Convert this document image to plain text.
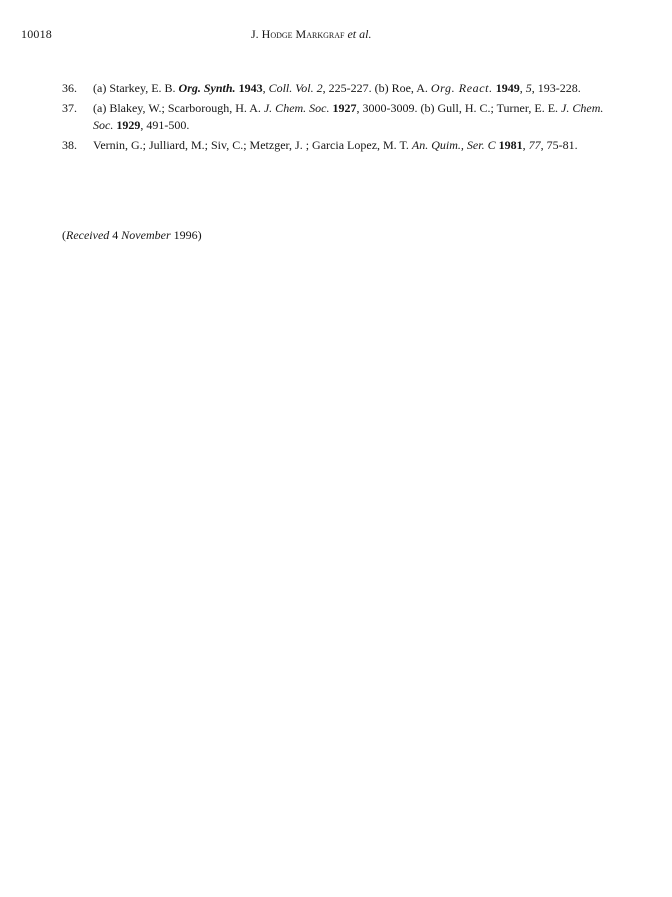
10018	J. Hodge Markgraf et al.
36. (a) Starkey, E. B. Org. Synth. 1943, Coll. Vol. 2, 225-227. (b) Roe, A. Org. React. 1949, 5, 193-228.
37. (a) Blakey, W.; Scarborough, H. A. J. Chem. Soc. 1927, 3000-3009. (b) Gull, H. C.; Turner, E. E. J. Chem. Soc. 1929, 491-500.
38. Vernin, G.; Julliard, M.; Siv, C.; Metzger, J. ; Garcia Lopez, M. T. An. Quim., Ser. C 1981, 77, 75-81.
(Received 4 November 1996)
